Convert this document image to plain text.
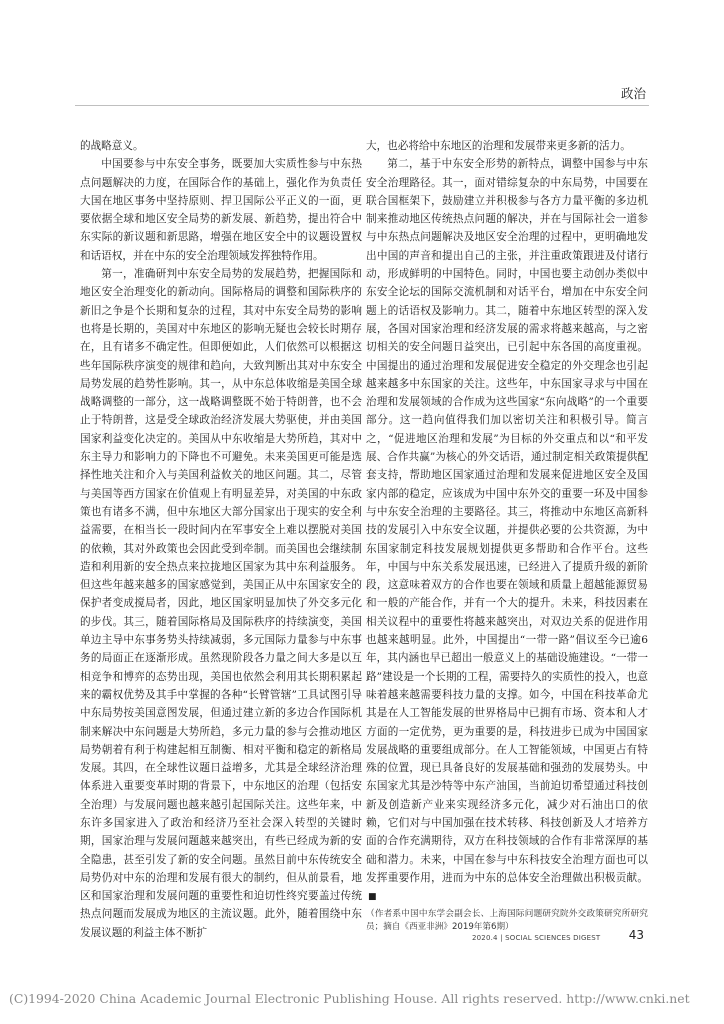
政治

的战略意义。

中国要参与中东安全事务，既要加大实质性参与中东热点问题解决的力度，在国际合作的基础上，强化作为负责任大国在地区事务中坚持原则、捍卫国际公平正义的一面，更要依据全球和地区安全局势的新发展、新趋势，提出符合中东实际的新议题和新思路，增强在地区安全中的议题设置权和话语权，并在中东的安全治理领域发挥独特作用。

第一，准确研判中东安全局势的发展趋势，把握国际和地区安全治理变化的新动向。国际格局的调整和国际秩序的新旧之争是个长期和复杂的过程，其对中东安全局势的影响也将是长期的，美国对中东地区的影响无疑也会较长时期存在，且有诸多不确定性。但即便如此，人们依然可以根据这些年国际秩序演变的规律和趋向，大致判断出其对中东安全局势发展的趋势性影响。其一，从中东总体收缩是美国全球战略调整的一部分，这一战略调整既不始于特朗普，也不会止于特朗普，这是受全球政治经济发展大势驱使，并由美国国家利益变化决定的。美国从中东收缩是大势所趋，其对中东主导力和影响力的下降也不可避免。未来美国更可能是选择性地关注和介入与美国利益攸关的地区问题。其二，尽管与美国等西方国家在价值观上有明显差异，对美国的中东政策也有诸多不满，但中东地区大部分国家出于现实的安全利益需要，在相当长一段时间内在军事安全上难以摆脱对美国的依赖，其对外政策也会因此受到牵制。而美国也会继续制造和利用新的安全热点来拉拢地区国家为其中东利益服务。但这些年越来越多的国家感觉到，美国正从中东国家安全的保护者变成搅局者，因此，地区国家明显加快了外交多元化的步伐。其三，随着国际格局及国际秩序的持续演变，美国单边主导中东事务势头持续减弱，多元国际力量参与中东事务的局面正在逐渐形成。虽然现阶段各力量之间大多是以互相竞争和博弈的态势出现，美国也依然会利用其长期积累起来的霸权优势及其手中掌握的各种“长臂管辖”工具试图引导中东局势按美国意图发展，但通过建立新的多边合作国际机制来解决中东问题是大势所趋，多元力量的参与会推动地区局势朝着有利于构建起相互制衡、相对平衡和稳定的新格局发展。其四，在全球性议题日益增多，尤其是全球经济治理体系进入重要变革时期的背景下，中东地区的治理（包括安全治理）与发展问题也越来越引起国际关注。这些年来，中东许多国家进入了政治和经济乃至社会深入转型的关键时期，国家治理与发展问题越来越突出，有些已经成为新的安全隐患，甚至引发了新的安全问题。虽然目前中东传统安全局势仍对中东的治理和发展有很大的制约，但从前景看，地区和国家治理和发展问题的重要性和迫切性终究要盖过传统热点问题而发展成为地区的主流议题。此外，随着围绕中东发展议题的利益主体不断扩

大，也必将给中东地区的治理和发展带来更多新的活力。

第二，基于中东安全形势的新特点，调整中国参与中东安全治理路径。其一，面对错综复杂的中东局势，中国要在联合国框架下，鼓励建立并积极参与各方力量平衡的多边机制来推动地区传统热点问题的解决，并在与国际社会一道参与中东热点问题解决及地区安全治理的过程中，更明确地发出中国的声音和提出自己的主张，并注重政策跟进及付诸行动，形成鲜明的中国特色。同时，中国也要主动创办类似中东安全论坛的国际交流机制和对话平台，增加在中东安全问题上的话语权及影响力。其二，随着中东地区转型的深入发展，各国对国家治理和经济发展的需求将越来越高，与之密切相关的安全问题日益突出，已引起中东各国的高度重视。中国提出的通过治理和发展促进安全稳定的外交理念也引起越来越多中东国家的关注。这些年，中东国家寻求与中国在治理和发展领域的合作成为这些国家“东向战略”的一个重要部分。这一趋向值得我们加以密切关注和积极引导。简言之，“促进地区治理和发展”为目标的外交重点和以“和平发展、合作共赢”为核心的外交话语，通过制定相关政策提供配套支持，帮助地区国家通过治理和发展来促进地区安全及国家内部的稳定，应该成为中国中东外交的重要一环及中国参与中东安全治理的主要路径。其三，将推动中东地区高新科技的发展引入中东安全议题，并提供必要的公共资源，为中东国家制定科技发展规划提供更多帮助和合作平台。这些年，中国与中东关系发展迅速，已经进入了提质升级的新阶段，这意味着双方的合作也要在领域和质量上超越能源贸易和一般的产能合作，并有一个大的提升。未来，科技因素在相关议程中的重要性将越来越突出，对双边关系的促进作用也越来越明显。此外，中国提出“一带一路”倡议至今已逾6年，其内涵也早已超出一般意义上的基础设施建设。“一带一路”建设是一个长期的工程，需要持久的实质性的投入，也意味着越来越需要科技力量的支撑。如今，中国在科技革命尤其是在人工智能发展的世界格局中已拥有市场、资本和人才方面的一定优势，更为重要的是，科技进步已成为中国国家发展战略的重要组成部分。在人工智能领域，中国更占有特殊的位置，现已具备良好的发展基础和强劲的发展势头。中东国家尤其是沙特等中东产油国，当前迫切希望通过科技创新及创造新产业来实现经济多元化，减少对石油出口的依赖，它们对与中国加强在技术转移、科技创新及人才培养方面的合作充满期待，双方在科技领域的合作有非常深厚的基础和潜力。未来，中国在参与中东科技安全治理方面也可以发挥重要作用，进而为中东的总体安全治理做出积极贡献。■

（作者系中国中东学会副会长、上海国际问题研究院外交政策研究所研究员；摘自《西亚非洲》2019年第6期）

2020.4 | SOCIAL SCIENCES DIGEST 43
(C)1994-2020 China Academic Journal Electronic Publishing House. All rights reserved. http://www.cnki.net
